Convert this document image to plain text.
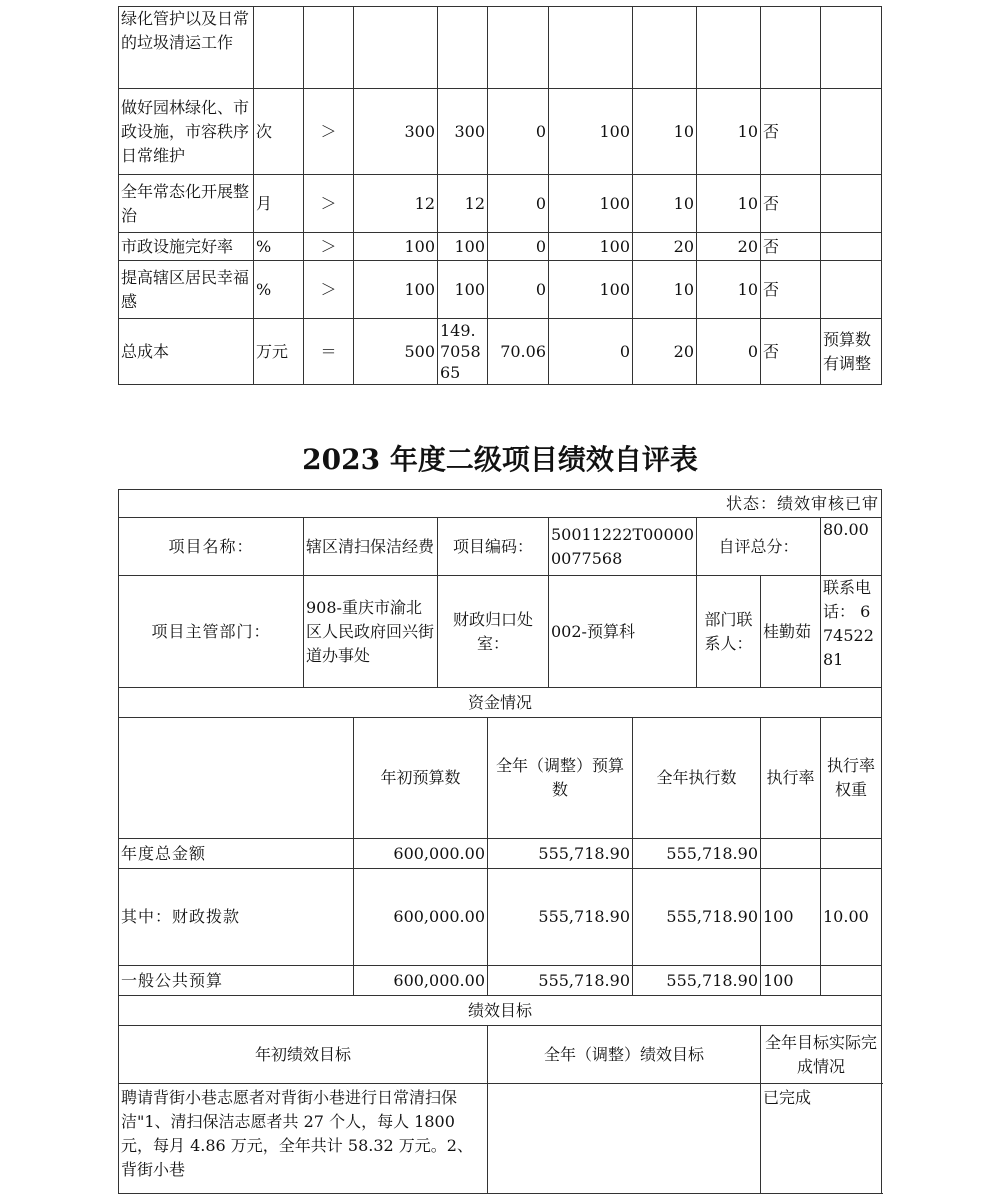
绿化管护以及日常的垃圾清运工作										
做好园林绿化、市政设施，市容秩序日常维护	次	＞	300	300	0	100	10	10	否	
全年常态化开展整治	月	＞	12	12	0	100	10	10	否	
市政设施完好率	%	＞	100	100	0	100	20	20	否	
提高辖区居民幸福感	%	＞	100	100	0	100	10	10	否	
总成本	万元	＝	500	149.705865	70.06	0	20	0	否	预算数有调整
2023 年度二级项目绩效自评表
状态：绩效审核已审										
项目名称：	辖区清扫保洁经费		项目编码：		50011222T000000077568		自评总分：		80.00	
项目主管部门：	908-重庆市渝北区人民政府回兴街道办事处		财政归口处室：		002-预算科		部门联系人：	桂勤茹	联系电话： 67452281	
资金情况										
		年初预算数		全年（调整）预算数		全年执行数		执行率	执行率权重	
年度总金额		600,000.00		555,718.90		555,718.90				
其中：财政拨款		600,000.00		555,718.90		555,718.90		100	10.00	
一般公共预算		600,000.00		555,718.90		555,718.90		100		
绩效目标										
年初绩效目标				全年（调整）绩效目标				全年目标实际完成情况		
聘请背街小巷志愿者对背街小巷进行日常清扫保洁"1、清扫保洁志愿者共 27 个人，每人 1800 元，每月 4.86 万元，全年共计 58.32 万元。2、背街小巷								已完成		
